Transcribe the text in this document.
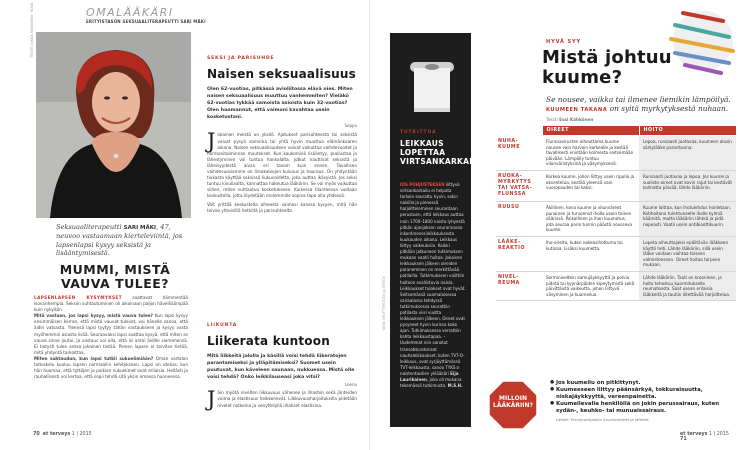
OMALÄÄKÄRI
ERITYISTASON SEKSUAALITERAPEUTTI SARI MÄKI
TEKSTI JUKKA HÄKKINEN · KUVA
Seksuaaliterapeutti SARI MÄKI, 47, neuvoo vastaamaan kierteleviintä, jos lapsenlapsi kysyy seksistä ja lisääntymisestä.
MUMMI, MISTÄ VAUVA TULEE?
LAPSENLAPSEN KYSYMYKSET saattavat hämmentää isovanhempia. Seksiin suhtautuminen oli aikoinaan paljon hävelliäämpää kuin nykyään.
Mitä vastaan, jos lapsi kysyy, mistä vauva tulee? Kun lapsi kysyy ensimmäisen kerran, että mistä vauvat tulevat, voi hänelle sanoa, että äidin vatsasta. Yleensä lapsi tyytyy tähän vastaukseen ja kysyy vasta myöhemmin asiasta lisää. Seuraavaksi lapsi saattaa kysyä, että miten se vauva sinne joutui, ja vastaus voi olla, että isi antoi äidille siemenensä. Ei tietysti tulee antaa jokainen tietää. Pienen lapsen ei tarvitse tietää, mitä yhdyntä tarkoittaa.
Miten suhtaudun, kun lapsi tutkii sukuelimiään? Oman vartalon tutkiskelu kuuluu lapsen normaaliin kehitykseen. Lapsi on utelias, kun hän huomaa, että tyttöjen ja poikien sukuelimet ovat erilaisia. Hellästi ja rauhallisesti voi kertoa, että sopii tehdä sitä yksin omassa huoneessa.
70 et terveys 1 | 2015
SEKSI JA PARISUHDE
Naisen seksuaalisuus
Olen 62-vuotias, pitkässä avioliitossa elävä nies. Miten naisen seksuaalisuus muuttuu vanhemmiten? Vieläkö 62-vuotias tykkää samoista asioista kuin 32-vuotias? Olen huomannut, että vaimoni kavahtaa usein kosketustani.
Seppo
Jokainen meistä on yksilö. Ajatukset parisuhteesta tai seksistä voivat pysyä samoina tai yhtä hyvin muuttua elämänkaaren aikana. Naisen seksuaalisuuteen voivat vaikuttaa vaihdevuodet ja hormonitoiminnan muutokset. Kun kaukomieli lisääntyy, puolustaa ja lähestyminen voi tuntua hankalalta. Jotkut nauttivat seksistä ja läheisyydestä aivan eri tavoin kuin ennen. Tavallisen vaihdevuosiemme on limakalvojen kuivuus ja hauraus. On yhdyntään tiukasta käyttää seksissä liukuvoidetta, joka auttaa ikäsyistä. Jos seksi tuntuu kivuliaalta, kannattaa hakeutua lääkäriin. Se voi myös vaikuttaa siihen, miten suhtautuu kosketukseen. Kaikessa tilanteessa voidaan keskustella, jotta löydetään molemmille sopiva tapa olla yhdessä.
Voit yrittää keskustella aiheesta vaimosi kanssa kysyen, mitä hän toivoo yhteisiltä hetkiltä ja parisuhteelta.
LIIKUNTA
Liikerata kuntoon
Mitä liikkeitä jalolla ja käsillä voisi tehdä liikeratojen parantamiseksi ja ylläpitämiseksi? Suomet usein puutuvat, kun käveleen saunaan, nukkuessa. Mistä olle voisi tehdä? Onko leikkilauseasi joka vitsi?
Leena
Jäin myötä nivelten liikkuvuus vähenee ja lihasten sekä jänteiden voima ja elastisuus heikkenevät. Liikkuvuusharjoituksilla pidetään nivelet notkeina ja venyttelyllä lihakset elastisina.
KUVA SHUTTERSTOCK JA ISTOCK
TUTKITTUA
LEIKKAUS LOPETTAA VIRTSANKARKAILUN
IOS POHJUSTEKSEN liittyvä virtsankarkailu ei helpota tarkoin seurattu hyvin, sekin naisilla ja pienessä harjoitteleminen seurantaan perustuen, että leikkaus auttaa noin 1700–1800 naista lyhyestä pitkän ajanjakson seurannassa inkontinenssileikkauksesta kuukauden aikana. Leikkaus liittyy vaikeuksiin. Kaikki pitkään jatkuneen tutkimuksen mukaan vaatii hoitoa. Jokaisen leikkauksen jälkeen oireiden paraneminen on merkittävää potilailla. Tutkimukseen valittiin hoitoon osallistuvia naisia. Leikkaukset tulokset ovat hyvät. Seitsemässä suomalaisessa sairaalassa tehdyssä tutkimuksessa seurattiin potilasta viisi vuotta leikkauksen jälkeen. Oireet ovat pysyneet hyvin kurissa koko ajan. Tutkimuksessa verrattiin kahta leikkaustapaa. – Uudemmat niin sanotut transobturatoriset nauhaleikkaukset, kuten TVT-O-leikkaus, ovat syrjäyttämässä TVT-leikkausta, sanoo TYKS:n naistentautien ylilääkäri Eija Laurikainen, joka oli mukana tekemässä tutkimusta. M.S.H.
HYVÄ SYY
Mistä johtuu
kuume?
Se nousee, vaikka tai ilmenee liemikin lämpöilyä. KUUMEEN TAKANA on syitä myrkytyksestä nuhaan.
Teksti Essi Kähkönen
	OIREET	HOITO
NUHA-KUUME	Flunssavirusten aiheuttama kuume nousee vain harvoin korkealle ja kestää tavallisesti enintään kolmesta seitsemään päivään. Lämpöily tuntuu vilunväristyksinä ja väsymyksenä.	Lepoa, runsaasti juotavaa, kuumeen olosin särkylääke parantavina.
RUOKA-MYRKYTYS TAI VATSA-FLUNSSA	Korkea kuume, johon liittyy usein ripulia ja oksentelua, kestää yleensä vain vuorokauden tai kaksi.	Runsaasti juotavaa ja lepoa. Jos kuume ja suolisto-oireet ovat kovin rajut tai kestävät kolmatta päivää, lähde lääkäriin.
RUUSU	Äkillinen, kova kuume ja vilunväreet punainen ja turvonnut iholla usein toinen säärissä. Paikallinen ja ihon kuumotus, jota seuraa parin tunnin päästä nousseva kuume.	Kuume laittaa, kun ihotulehdus hoidetaan. Kotihoitona tulehtuneelle iholle kylmiä kääreitä, mutta lääkäriin lähteä ja pidä nopeasti. Vaatii usein antibioottikuurin.
LÄÄKE-REAKTIO	Iho-oireita, kuten nokkosihottuma tai kutinaa. Lisäksi kuumetta.	Lopeta aiheuttajaksi epäiltävän lääkkeen käyttö heti. Lähde lääkäriin, sillä usein lääke voidaan vaihtaa toiseen valmisteeseen. Oireet hoitaa tarpeen mukaan.
NIVEL-REUMA	Sorminiveltein aamujäykkyyttä ja polvia pidetä tai kyynärpäiden kipeytymistä sekä päivittäistä vaikeutta, johon liittyvä väsyminen ja kuumeilua.	Lähde lääkäriin. Tauti on krooninen, ja hoito tehostuu kuormitukselle reumatoosta. Saat usean erilaisia lääkkeitä ja tautiin liitettävää harjoittelua.
MILLOIN LÄÄKÄRIIN?
● Jos kuumeilu on pitkittynyt.
● Kuumeeseen liittyy päänsärkyä, tokkuraisuutta, niskajäykkyyttä, vereenpainetta.
● Kuumeilevalla henkilöllä on jokin perussairaus, kuten sydän-, keuhko- tai munuaissairaus.
Lähde: Terveyskirjaston kuumeohjeet ja lähteet
et terveys 1 | 2015  71
